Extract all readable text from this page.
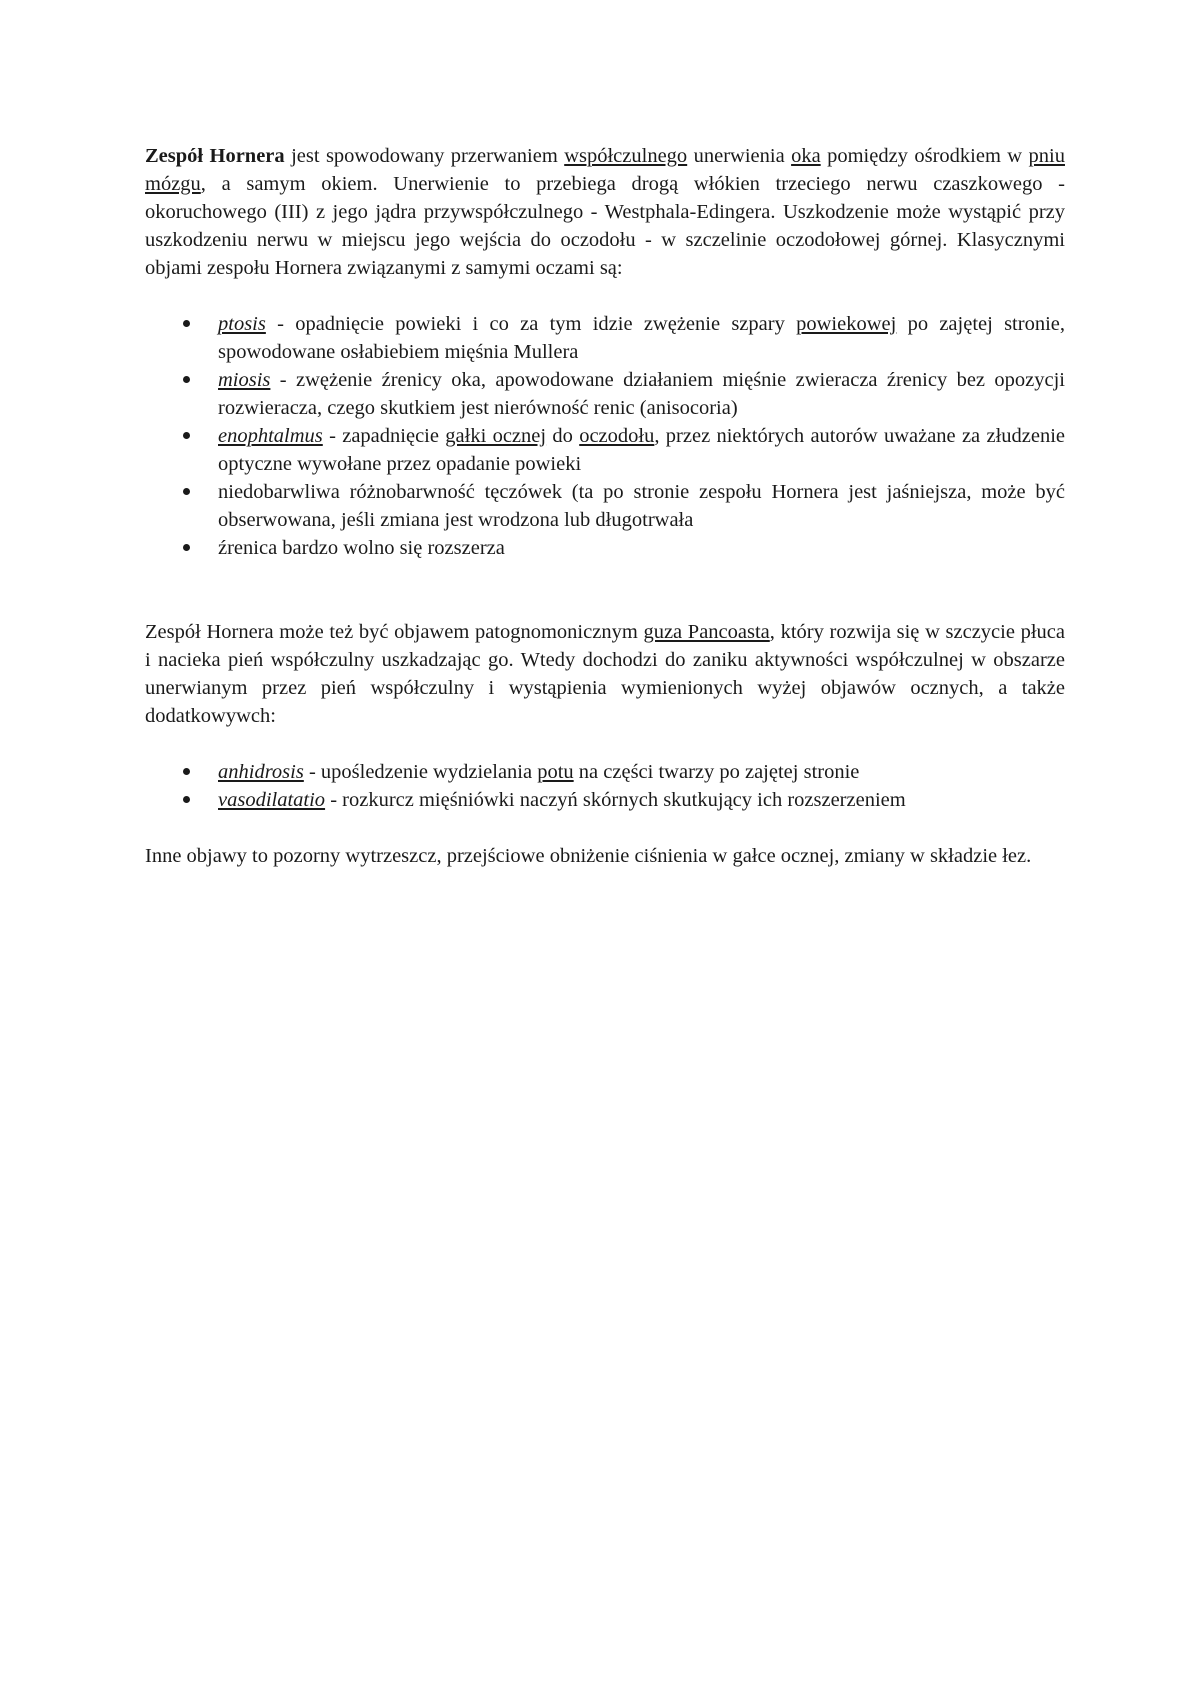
Zespół Hornera jest spowodowany przerwaniem współczulnego unerwienia oka pomiędzy ośrodkiem w pniu mózgu, a samym okiem. Unerwienie to przebiega drogą włókien trzeciego nerwu czaszkowego - okoruchowego (III) z jego jądra przywspółczulnego - Westphala-Edingera. Uszkodzenie może wystąpić przy uszkodzeniu nerwu w miejscu jego wejścia do oczodołu - w szczelinie oczodołowej górnej. Klasycznymi objami zespołu Hornera związanymi z samymi oczami są:

ptosis - opadnięcie powieki i co za tym idzie zwężenie szpary powiekowej po zajętej stronie, spowodowane osłabiebiem mięśnia Mullera
miosis - zwężenie źrenicy oka, apowodowane działaniem mięśnie zwieracza źrenicy bez opozycji rozwieracza, czego skutkiem jest nierówność renic (anisocoria)
enophtalmus - zapadnięcie gałki ocznej do oczodołu, przez niektórych autorów uważane za złudzenie optyczne wywołane przez opadanie powieki
niedobarwliwa różnobarwność tęczówek (ta po stronie zespołu Hornera jest jaśniejsza, może być obserwowana, jeśli zmiana jest wrodzona lub długotrwała
źrenica bardzo wolno się rozszerza

Zespół Hornera może też być objawem patognomonicznym guza Pancoasta, który rozwija się w szczycie płuca i nacieka pień współczulny uszkadzając go. Wtedy dochodzi do zaniku aktywności współczulnej w obszarze unerwianym przez pień współczulny i wystąpienia wymienionych wyżej objawów ocznych, a także dodatkowywch:

anhidrosis - upośledzenie wydzielania potu na części twarzy po zajętej stronie
vasodilatatio - rozkurcz mięśniówki naczyń skórnych skutkujący ich rozszerzeniem

Inne objawy to pozorny wytrzeszcz, przejściowe obniżenie ciśnienia w gałce ocznej, zmiany w składzie łez.
